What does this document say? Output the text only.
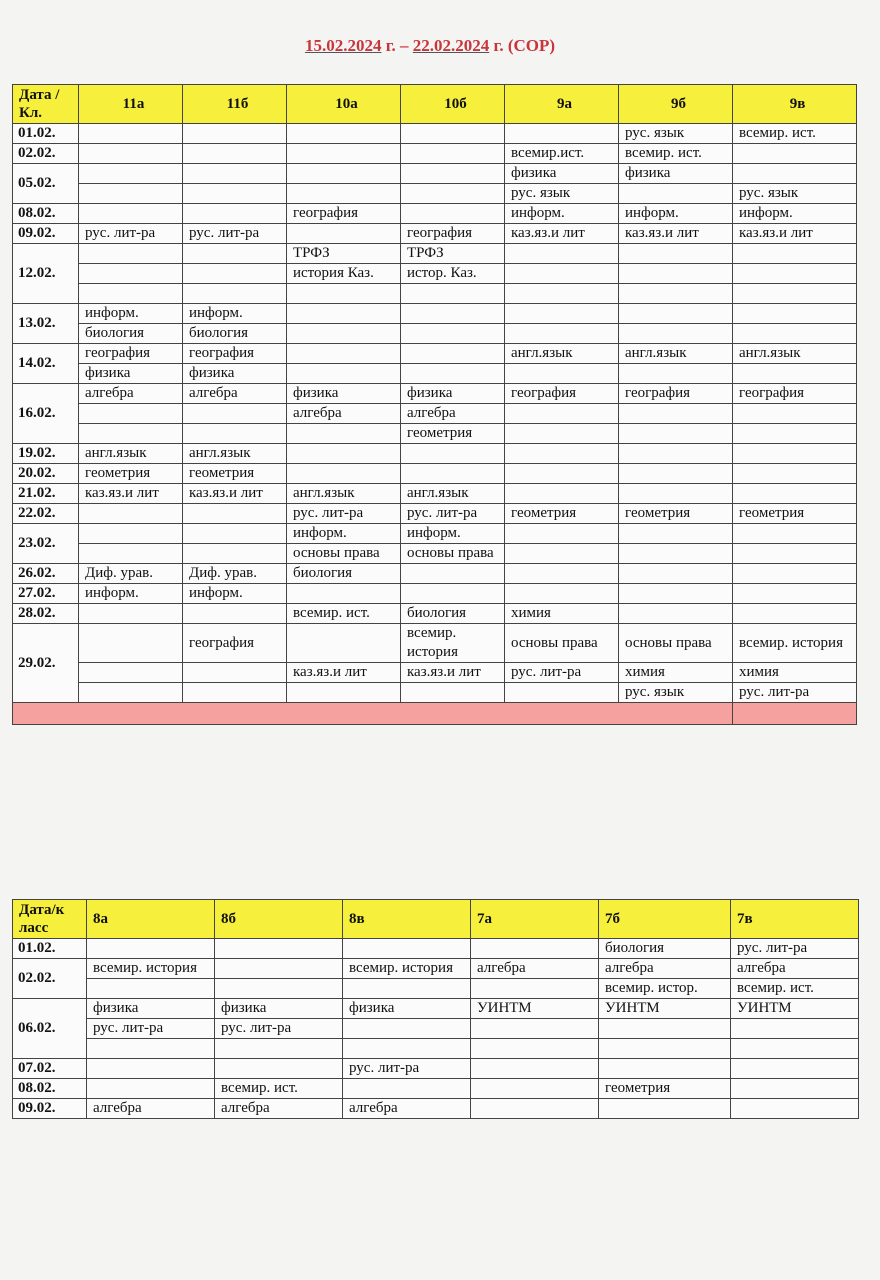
15.02.2024 г. – 22.02.2024 г. (СОР)
Дата /Кл.	11а	11б	10а	10б	9а	9б	9в
01.02.						рус. язык	всемир. ист.
02.02.					всемир.ист.	всемир. ист.	
05.02.					физика	физика	
					рус. язык		рус. язык
08.02.			география		информ.	информ.	информ.
09.02.	рус. лит-ра	рус. лит-ра		география	каз.яз.и лит	каз.яз.и лит	каз.яз.и лит
12.02.			ТРФЗ	ТРФЗ			
			история Каз.	истор. Каз.			

13.02.	информ.	информ.					
	биология	биология					
14.02.	география	география			англ.язык	англ.язык	англ.язык
	физика	физика					
16.02.	алгебра	алгебра	физика	физика	география	география	география
			алгебра	алгебра			
				геометрия			
19.02.	англ.язык	англ.язык					
20.02.	геометрия	геометрия					
21.02.	каз.яз.и лит	каз.яз.и лит	англ.язык	англ.язык			
22.02.			рус. лит-ра	рус. лит-ра	геометрия	геометрия	геометрия
23.02.			информ.	информ.			
			основы права	основы права			
26.02.	Диф. урав.	Диф. урав.	биология				
27.02.	информ.	информ.					
28.02.			всемир. ист.	биология	химия		
29.02.		география		всемир. история	основы права	основы права	всемир. история
			каз.яз.и лит	каз.яз.и лит	рус. лит-ра	химия	химия
						рус. язык	рус. лит-ра

Дата/к ласс	8а	8б	8в	7а	7б	7в
01.02.					биология	рус. лит-ра
02.02.	всемир. история		всемир. история	алгебра	алгебра	алгебра
					всемир. истор.	всемир. ист.
06.02.	физика	физика	физика	УИНТМ	УИНТМ	УИНТМ
	рус. лит-ра	рус. лит-ра				

07.02.			рус. лит-ра			
08.02.		всемир. ист.			геометрия	
09.02.	алгебра	алгебра	алгебра			
